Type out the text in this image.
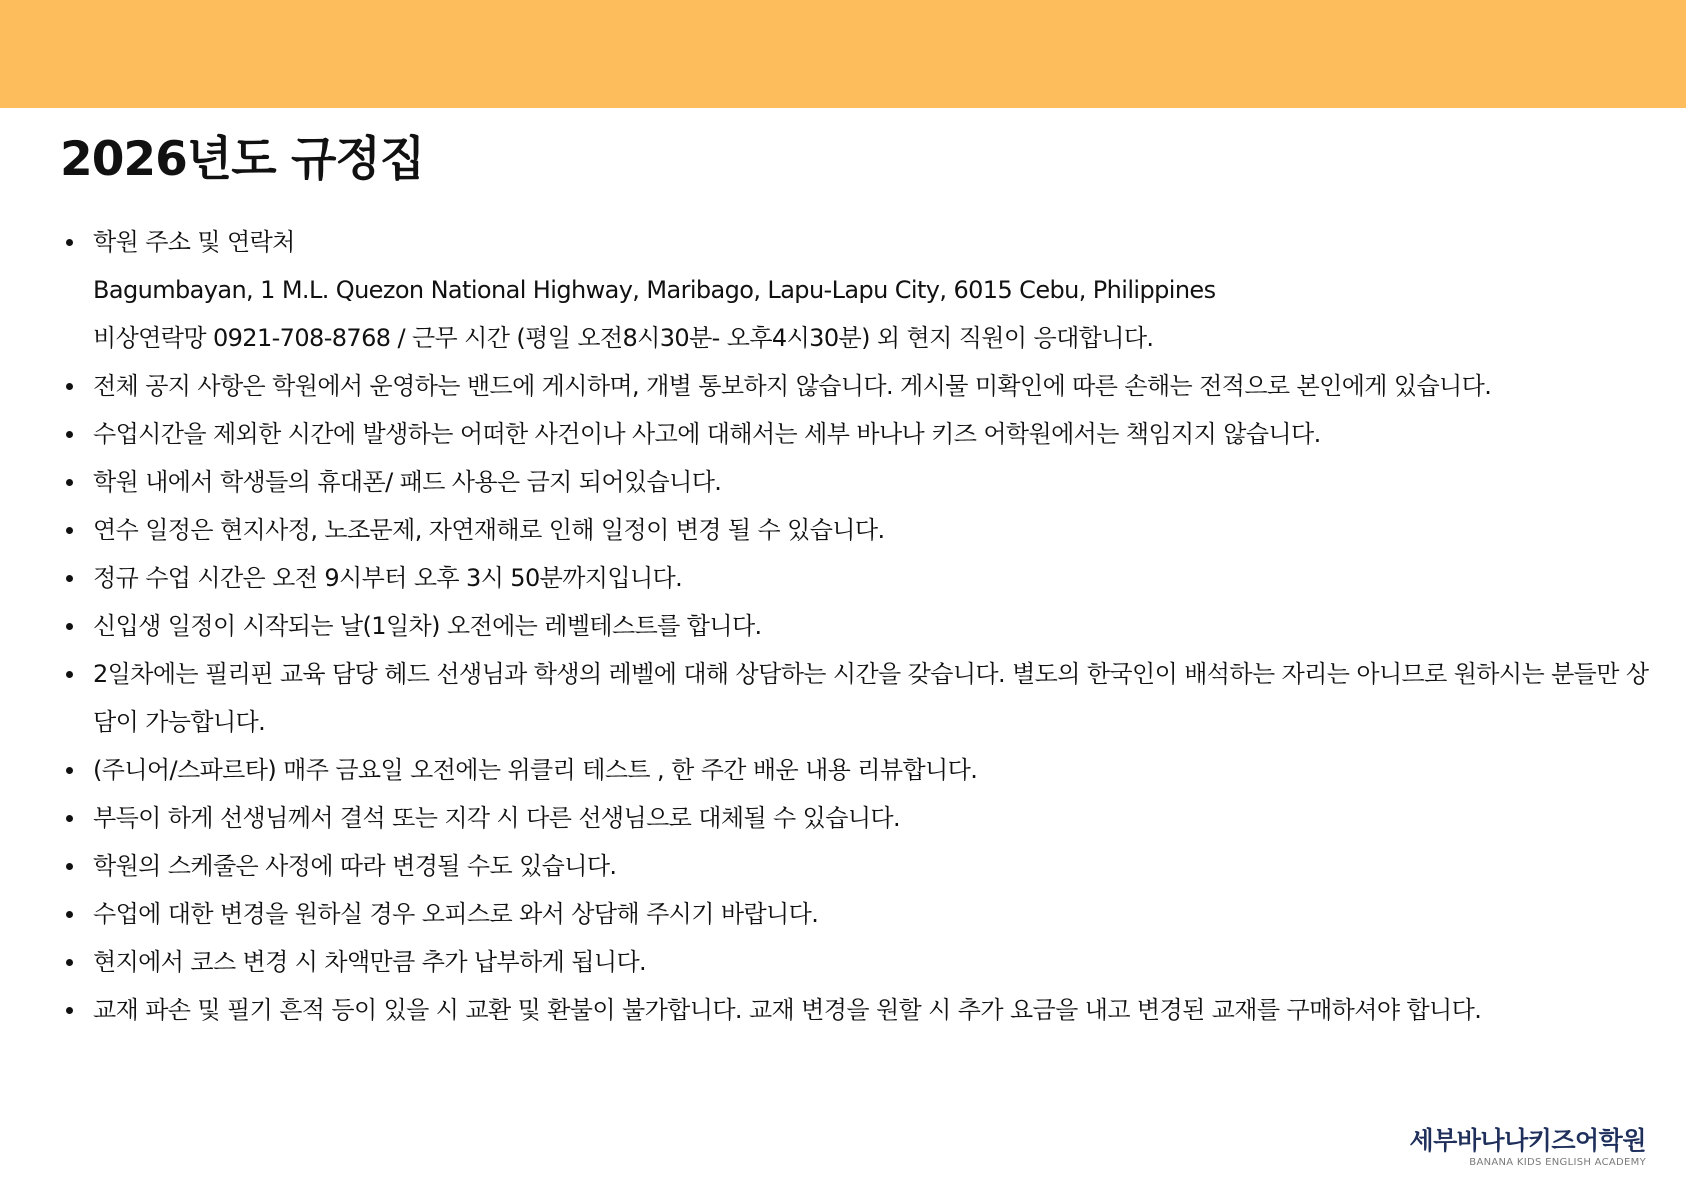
2026년도 규정집
학원 주소 및 연락처
Bagumbayan, 1 M.L. Quezon National Highway, Maribago, Lapu-Lapu City, 6015 Cebu, Philippines
비상연락망 0921-708-8768 / 근무 시간 (평일 오전8시30분- 오후4시30분) 외 현지 직원이 응대합니다.
전체 공지 사항은 학원에서 운영하는 밴드에 게시하며, 개별 통보하지 않습니다. 게시물 미확인에 따른 손해는 전적으로 본인에게 있습니다.
수업시간을 제외한 시간에 발생하는 어떠한 사건이나 사고에 대해서는 세부 바나나 키즈 어학원에서는 책임지지 않습니다.
학원 내에서 학생들의 휴대폰/ 패드 사용은 금지 되어있습니다.
연수 일정은 현지사정, 노조문제, 자연재해로 인해 일정이 변경 될 수 있습니다.
정규 수업 시간은 오전 9시부터 오후 3시 50분까지입니다.
신입생 일정이 시작되는 날(1일차) 오전에는 레벨테스트를 합니다.
2일차에는 필리핀 교육 담당 헤드 선생님과 학생의 레벨에 대해 상담하는 시간을 갖습니다. 별도의 한국인이 배석하는 자리는 아니므로 원하시는 분들만 상담이 가능합니다.
(주니어/스파르타) 매주 금요일 오전에는 위클리 테스트 , 한 주간 배운 내용 리뷰합니다.
부득이 하게 선생님께서 결석 또는 지각 시 다른 선생님으로 대체될 수 있습니다.
학원의 스케줄은 사정에 따라 변경될 수도 있습니다.
수업에 대한 변경을 원하실 경우 오피스로 와서 상담해 주시기 바랍니다.
현지에서 코스 변경 시 차액만큼 추가 납부하게 됩니다.
교재 파손 및 필기 흔적 등이 있을 시 교환 및 환불이 불가합니다. 교재 변경을 원할 시 추가 요금을 내고 변경된 교재를 구매하셔야 합니다.
세부바나나키즈어학원
BANANA KIDS ENGLISH ACADEMY
